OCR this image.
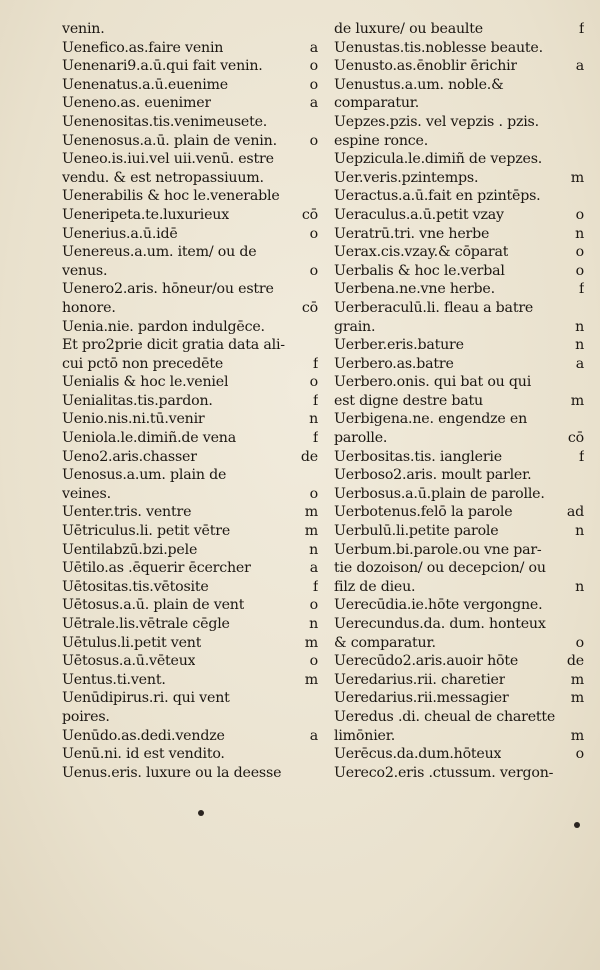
venin.
Uenefico.as.faire venin	a
Uenenari9.a.ū.qui fait venin.	o
Uenenatus.a.ū.euenime	o
Ueneno.as. euenimer	a
Uenenositas.tis.venimeusete.
Uenenosus.a.ū. plain de venin.	o
Ueneo.is.iui.vel uii.venū. estre
vendu. & est netropassiuum.
Uenerabilis & hoc le.venerable
Ueneripeta.te.luxurieux	cō
Uenerius.a.ū.idē	o
Uenereus.a.um. item/ ou de
venus.	o
Uenero2.aris. hōneur/ou estre
honore.	cō
Uenia.nie. pardon indulgēce.
Et pro2prie dicit gratia data ali-
cui pctō non precedēte	f
Uenialis & hoc le.veniel	o
Uenialitas.tis.pardon.	f
Uenio.nis.ni.tū.venir	n
Ueniola.le.dimiñ.de vena	f
Ueno2.aris.chasser	de
Uenosus.a.um. plain de
veines.	o
Uenter.tris. ventre	m
Uētriculus.li. petit vētre	m
Uentilabzū.bzi.pele	n
Uētilo.as .ēquerir ēcercher	a
Uētositas.tis.vētosite	f
Uētosus.a.ū. plain de vent	o
Uētrale.lis.vētrale cēgle	n
Uētulus.li.petit vent	m
Uētosus.a.ū.vēteux	o
Uentus.ti.vent.	m
Uenūdipirus.ri. qui vent
poires.
Uenūdo.as.dedi.vendze	a
Uenū.ni. id est vendito.
Uenus.eris. luxure ou la deesse
de luxure/ ou beaulte	f
Uenustas.tis.noblesse beaute.
Uenusto.as.ēnoblir ērichir	a
Uenustus.a.um. noble.&
comparatur.
Uepzes.pzis. vel vepzis . pzis.
espine ronce.
Uepzicula.le.dimiñ de vepzes.
Uer.veris.pzintemps.	m
Ueractus.a.ū.fait en pzintēps.
Ueraculus.a.ū.petit vzay	o
Ueratrū.tri. vne herbe	n
Uerax.cis.vzay.& cōparat	o
Uerbalis & hoc le.verbal	o
Uerbena.ne.vne herbe.	f
Uerberaculū.li. fleau a batre
grain.	n
Uerber.eris.bature	n
Uerbero.as.batre	a
Uerbero.onis. qui bat ou qui
est digne destre batu	m
Uerbigena.ne. engendze en
parolle.	cō
Uerbositas.tis. ianglerie	f
Uerboso2.aris. moult parler.
Uerbosus.a.ū.plain de parolle.
Uerbotenus.felō la parole	ad
Uerbulū.li.petite parole	n
Uerbum.bi.parole.ou vne par-
tie dozoison/ ou decepcion/ ou
filz de dieu.	n
Uerecūdia.ie.hōte vergongne.
Uerecundus.da. dum. honteux
& comparatur.	o
Uerecūdo2.aris.auoir hōte	de
Ueredarius.rii. charetier	m
Ueredarius.rii.messagier	m
Ueredus .di. cheual de charette
limōnier.	m
Uerēcus.da.dum.hōteux	o
Uereco2.eris .ctussum. vergon-
